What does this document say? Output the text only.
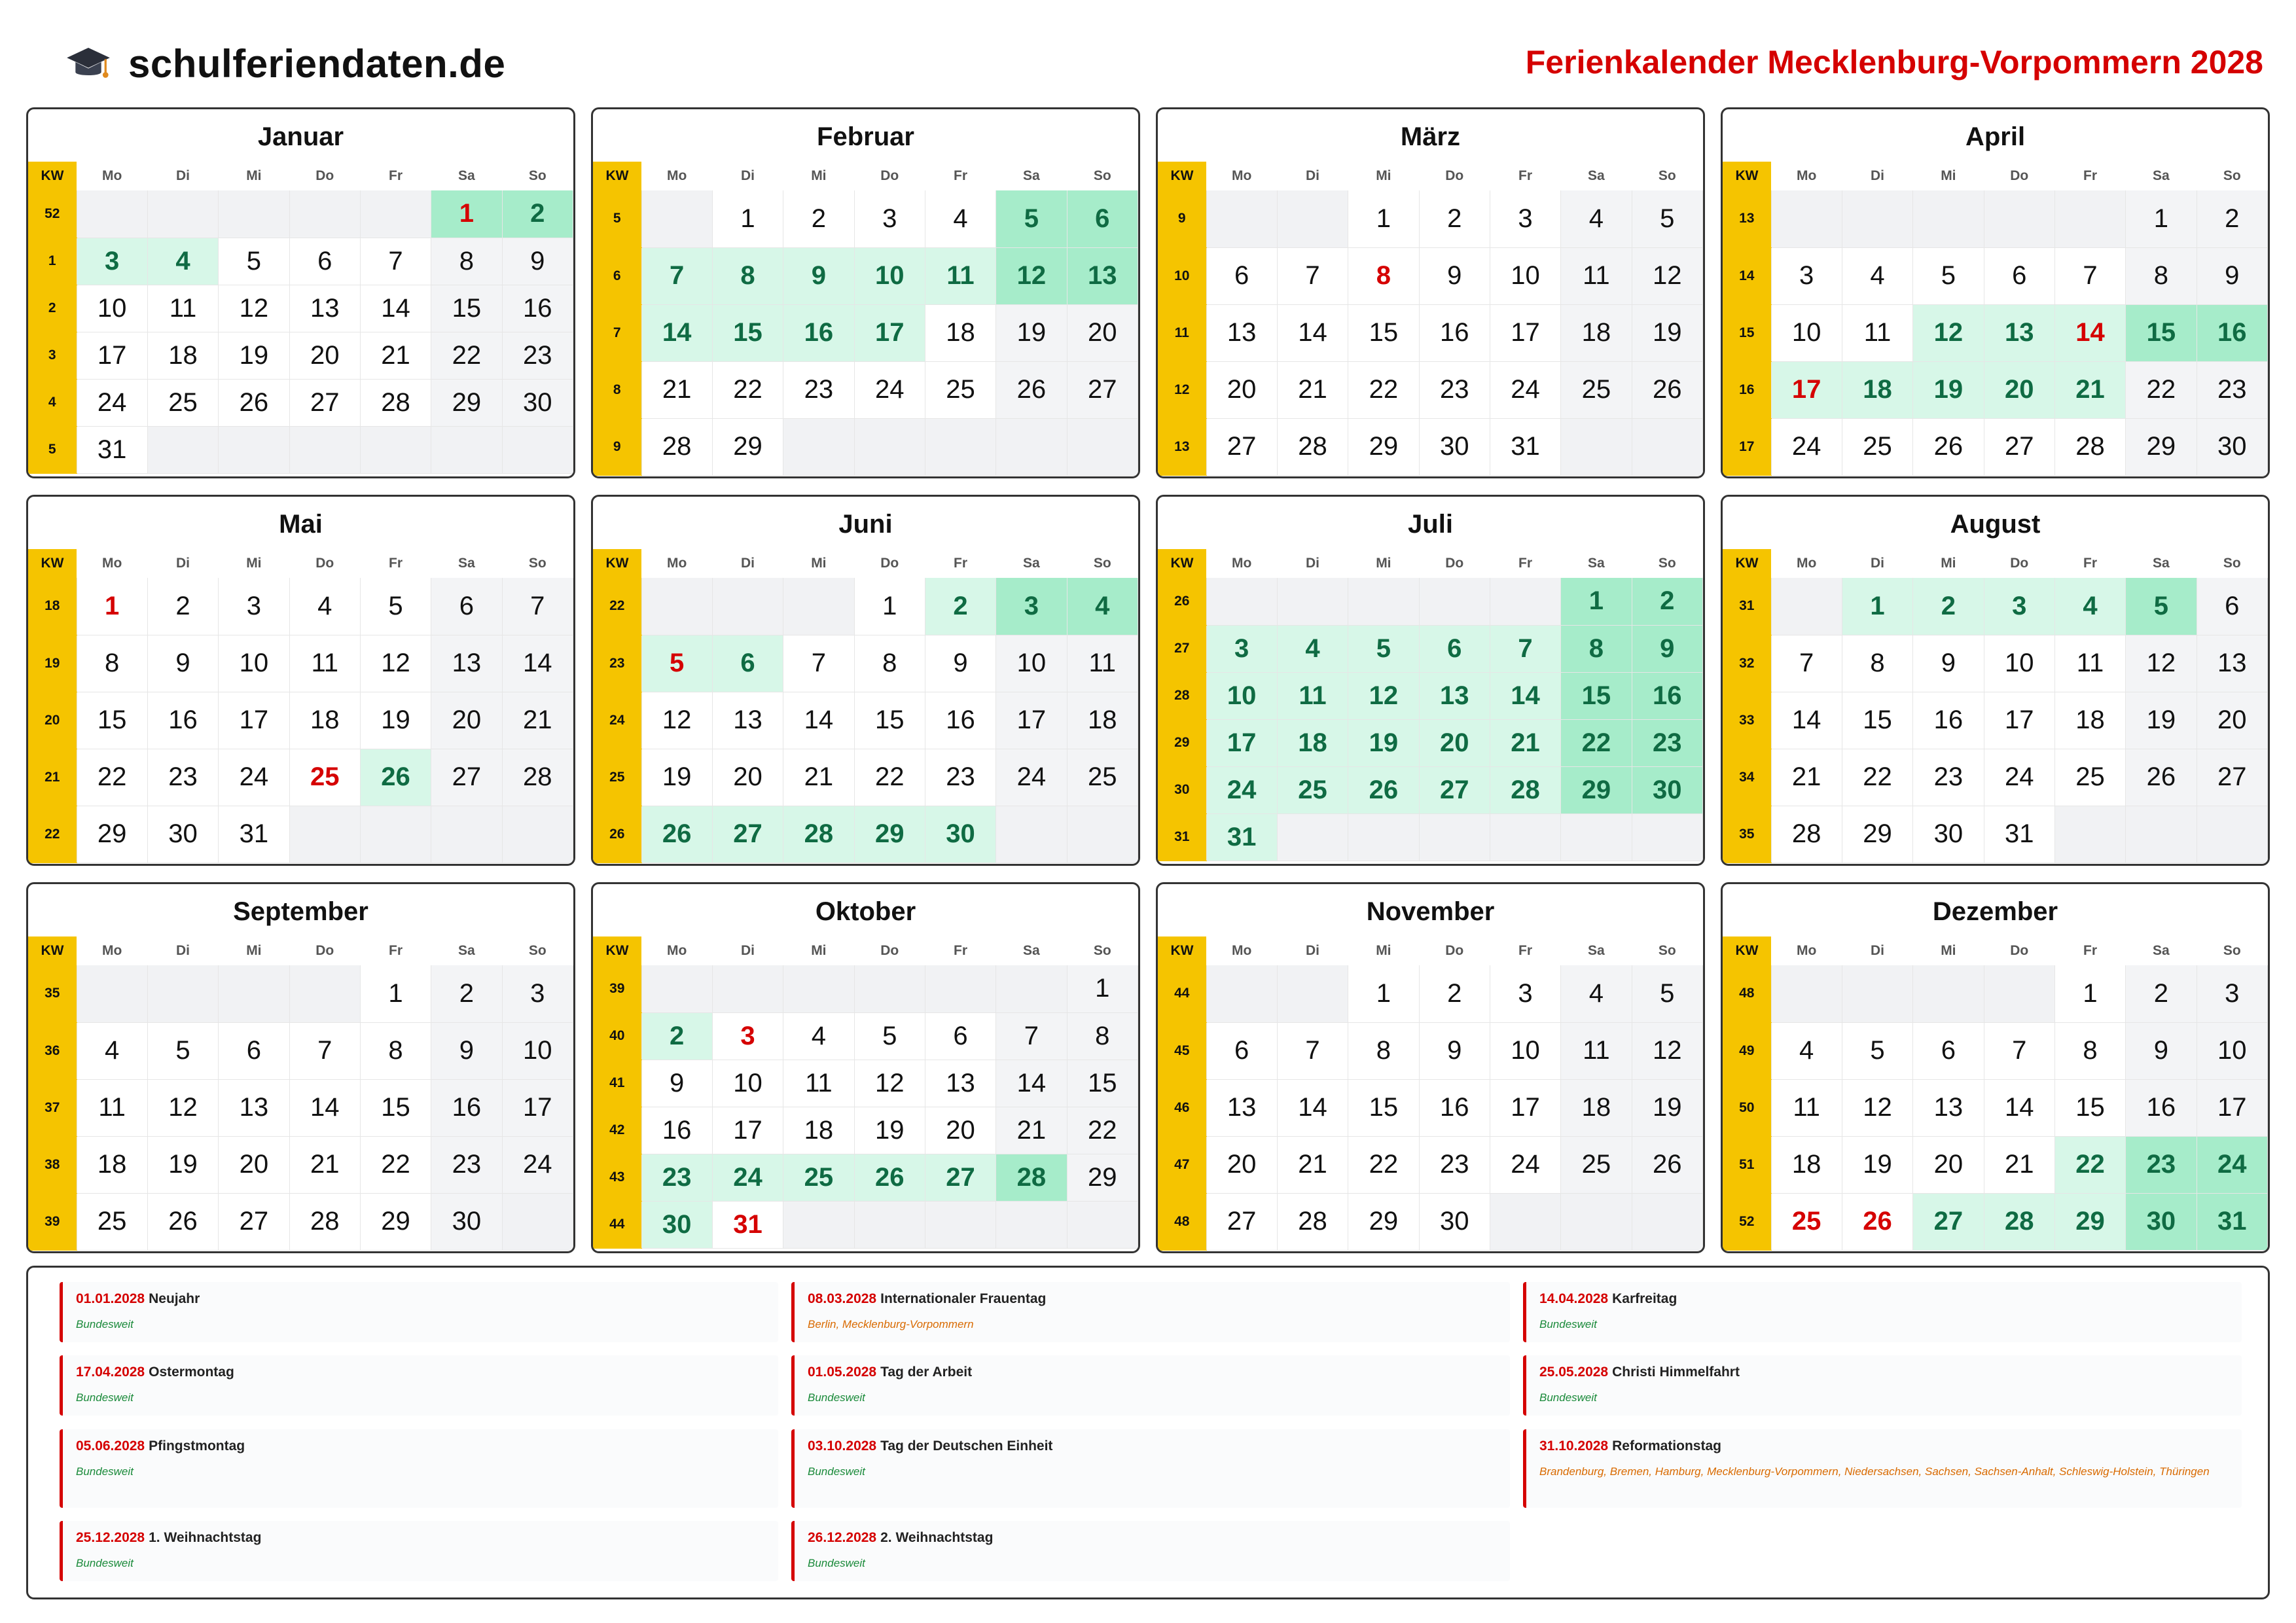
schulferiendaten.de	Ferienkalender Mecklenburg-Vorpommern 2028
Januar
KW	Mo	Di	Mi	Do	Fr	Sa	So
52						1	2
1	3	4	5	6	7	8	9
2	10	11	12	13	14	15	16
3	17	18	19	20	21	22	23
4	24	25	26	27	28	29	30
5	31						
Februar
KW	Mo	Di	Mi	Do	Fr	Sa	So
5		1	2	3	4	5	6
6	7	8	9	10	11	12	13
7	14	15	16	17	18	19	20
8	21	22	23	24	25	26	27
9	28	29					
März
KW	Mo	Di	Mi	Do	Fr	Sa	So
9			1	2	3	4	5
10	6	7	8	9	10	11	12
11	13	14	15	16	17	18	19
12	20	21	22	23	24	25	26
13	27	28	29	30	31		
April
KW	Mo	Di	Mi	Do	Fr	Sa	So
13						1	2
14	3	4	5	6	7	8	9
15	10	11	12	13	14	15	16
16	17	18	19	20	21	22	23
17	24	25	26	27	28	29	30
Mai
KW	Mo	Di	Mi	Do	Fr	Sa	So
18	1	2	3	4	5	6	7
19	8	9	10	11	12	13	14
20	15	16	17	18	19	20	21
21	22	23	24	25	26	27	28
22	29	30	31				
Juni
KW	Mo	Di	Mi	Do	Fr	Sa	So
22				1	2	3	4
23	5	6	7	8	9	10	11
24	12	13	14	15	16	17	18
25	19	20	21	22	23	24	25
26	26	27	28	29	30		
Juli
KW	Mo	Di	Mi	Do	Fr	Sa	So
26						1	2
27	3	4	5	6	7	8	9
28	10	11	12	13	14	15	16
29	17	18	19	20	21	22	23
30	24	25	26	27	28	29	30
31	31						
August
KW	Mo	Di	Mi	Do	Fr	Sa	So
31		1	2	3	4	5	6
32	7	8	9	10	11	12	13
33	14	15	16	17	18	19	20
34	21	22	23	24	25	26	27
35	28	29	30	31			
September
KW	Mo	Di	Mi	Do	Fr	Sa	So
35					1	2	3
36	4	5	6	7	8	9	10
37	11	12	13	14	15	16	17
38	18	19	20	21	22	23	24
39	25	26	27	28	29	30	
Oktober
KW	Mo	Di	Mi	Do	Fr	Sa	So
39							1
40	2	3	4	5	6	7	8
41	9	10	11	12	13	14	15
42	16	17	18	19	20	21	22
43	23	24	25	26	27	28	29
44	30	31					
November
KW	Mo	Di	Mi	Do	Fr	Sa	So
44			1	2	3	4	5
45	6	7	8	9	10	11	12
46	13	14	15	16	17	18	19
47	20	21	22	23	24	25	26
48	27	28	29	30			
Dezember
KW	Mo	Di	Mi	Do	Fr	Sa	So
48					1	2	3
49	4	5	6	7	8	9	10
50	11	12	13	14	15	16	17
51	18	19	20	21	22	23	24
52	25	26	27	28	29	30	31
01.01.2028 Neujahr
Bundesweit
08.03.2028 Internationaler Frauentag
Berlin, Mecklenburg-Vorpommern
14.04.2028 Karfreitag
Bundesweit
17.04.2028 Ostermontag
Bundesweit
01.05.2028 Tag der Arbeit
Bundesweit
25.05.2028 Christi Himmelfahrt
Bundesweit
05.06.2028 Pfingstmontag
Bundesweit
03.10.2028 Tag der Deutschen Einheit
Bundesweit
31.10.2028 Reformationstag
Brandenburg, Bremen, Hamburg, Mecklenburg-Vorpommern, Niedersachsen, Sachsen, Sachsen-Anhalt, Schleswig-Holstein, Thüringen
25.12.2028 1. Weihnachtstag
Bundesweit
26.12.2028 2. Weihnachtstag
Bundesweit
